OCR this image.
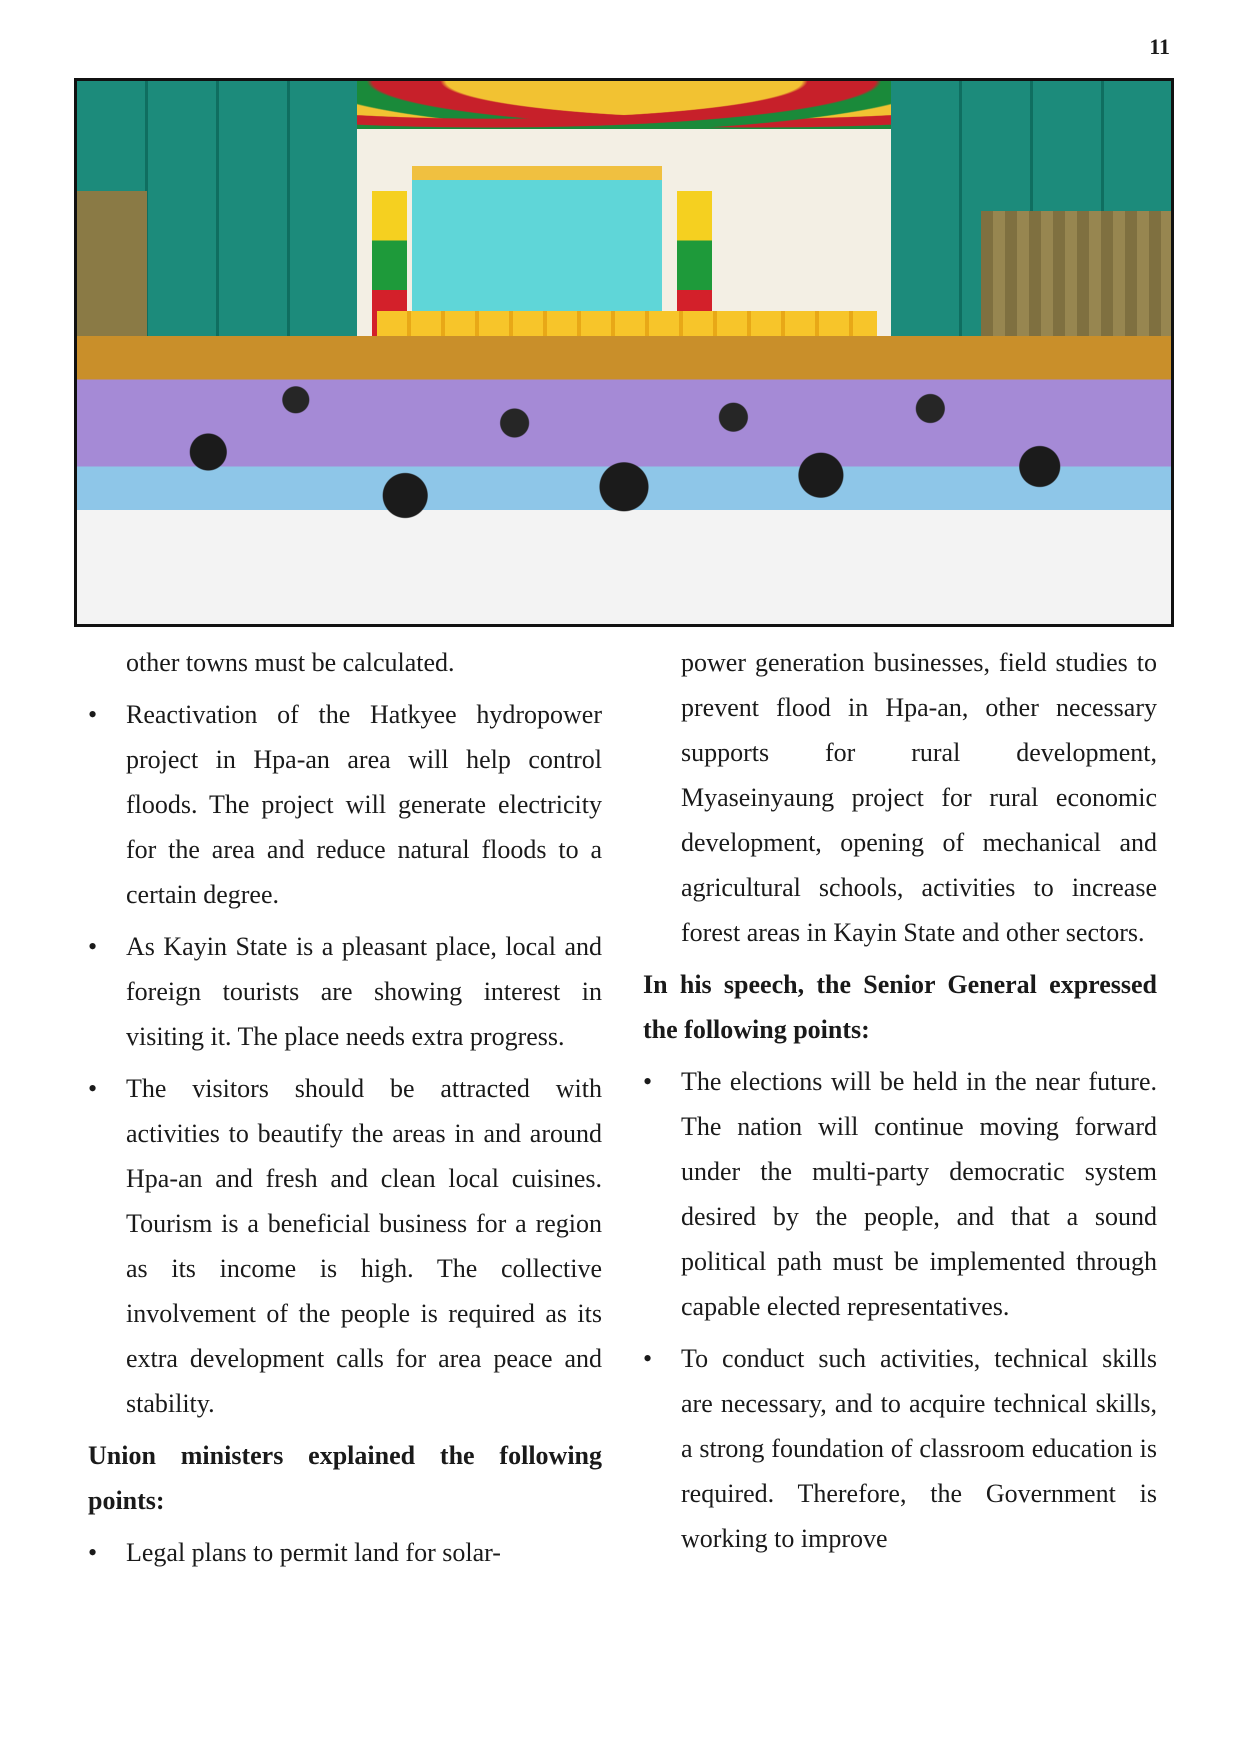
11

other towns must be calculated.

• Reactivation of the Hatkyee hydropower project in Hpa-an area will help control floods. The project will generate electricity for the area and reduce natural floods to a certain degree.

• As Kayin State is a pleasant place, local and foreign tourists are showing interest in visiting it. The place needs extra progress.

• The visitors should be attracted with activities to beautify the areas in and around Hpa-an and fresh and clean local cuisines. Tourism is a beneficial business for a region as its income is high. The collective involvement of the people is required as its extra development calls for area peace and stability.

Union ministers explained the following points:

• Legal plans to permit land for solar-

power generation businesses, field studies to prevent flood in Hpa-an, other necessary supports for rural development, Myaseinyaung project for rural economic development, opening of mechanical and agricultural schools, activities to increase forest areas in Kayin State and other sectors.

In his speech, the Senior General expressed the following points:

• The elections will be held in the near future. The nation will continue moving forward under the multi-party democratic system desired by the people, and that a sound political path must be implemented through capable elected representatives.

• To conduct such activities, technical skills are necessary, and to acquire technical skills, a strong foundation of classroom education is required. Therefore, the Government is working to improve
